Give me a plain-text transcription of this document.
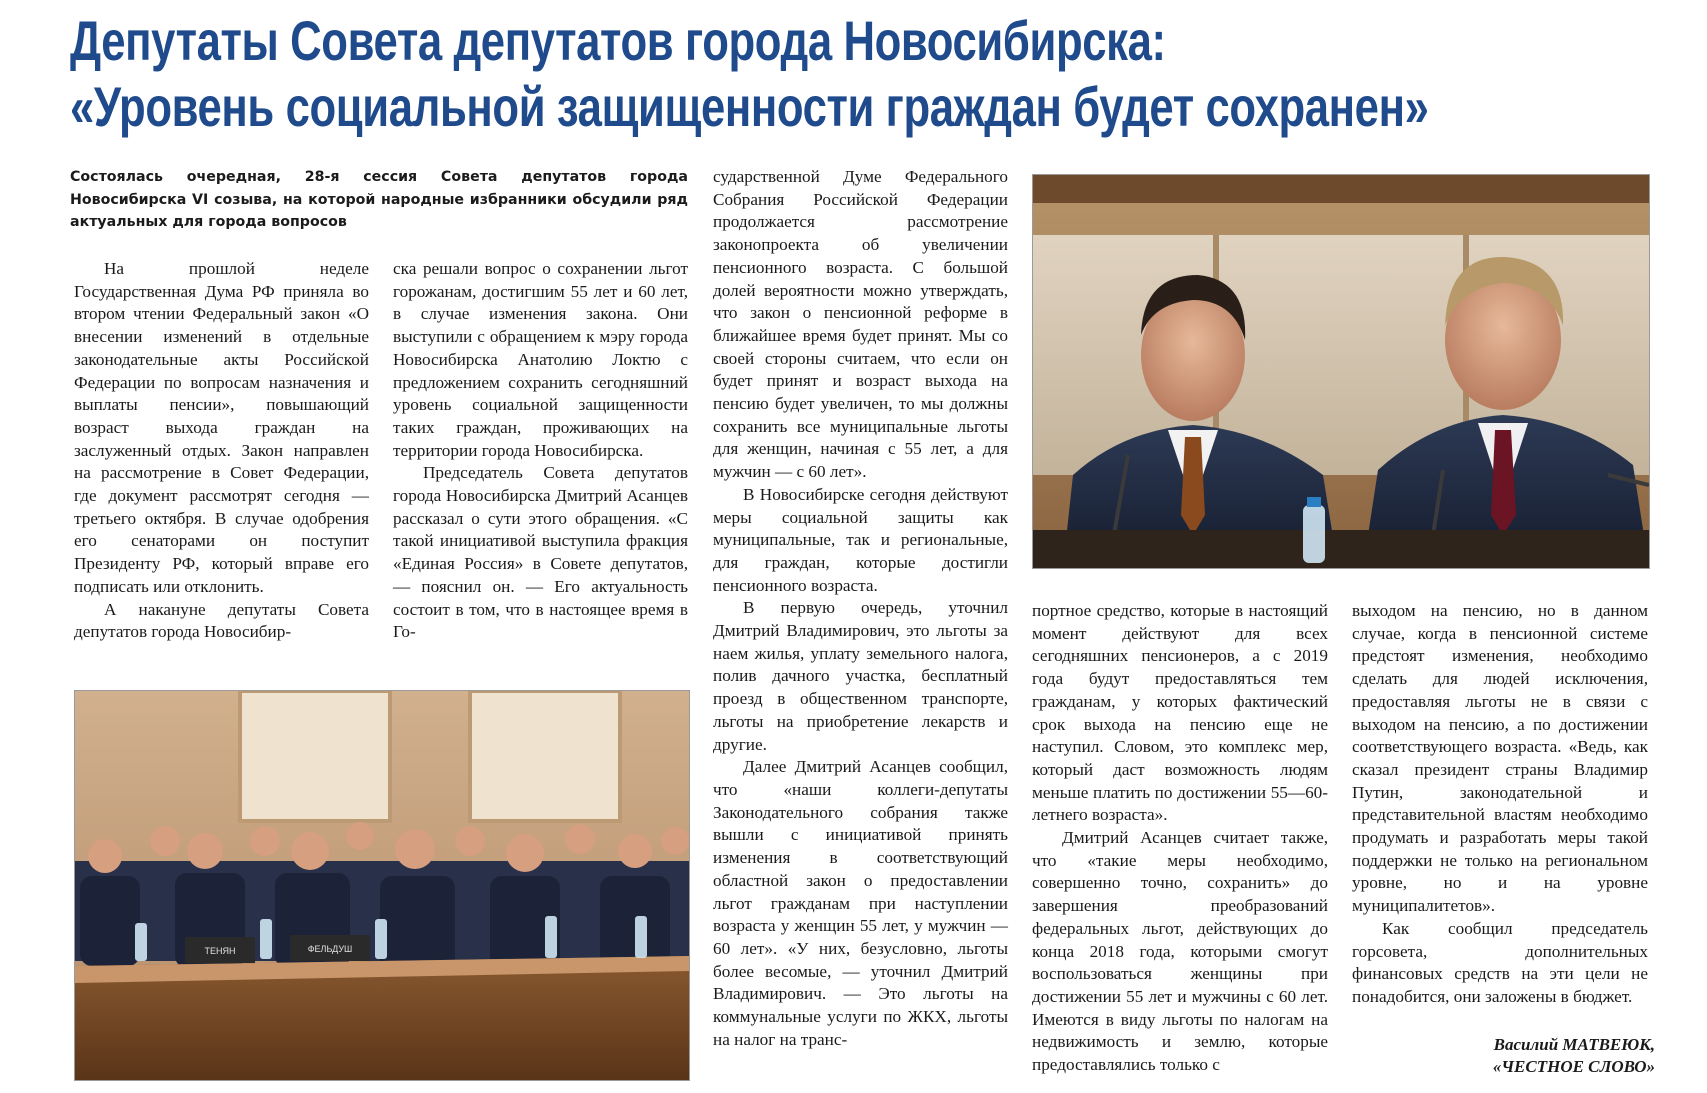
Депутаты Совета депутатов города Новосибирска:
«Уровень социальной защищенности граждан будет сохранен»
Состоялась очередная, 28-я сессия Совета депутатов города Новосибирска VI созыва, на которой народные избранники обсудили ряд актуальных для города вопросов

На прошлой неделе Государственная Дума РФ приняла во втором чтении Федеральный закон «О внесении изменений в отдельные законодательные акты Российской Федерации по вопросам назначения и выплаты пенсии», повышающий возраст выхода граждан на заслуженный отдых. Закон направлен на рассмотрение в Совет Федерации, где документ рассмотрят сегодня — третьего октября. В случае одобрения его сенаторами он поступит Президенту РФ, который вправе его подписать или отклонить.

А накануне депутаты Совета депутатов города Новосибир-

ска решали вопрос о сохранении льгот горожанам, достигшим 55 лет и 60 лет, в случае изменения закона. Они выступили с обращением к мэру города Новосибирска Анатолию Локтю с предложением сохранить сегодняшний уровень социальной защищенности таких граждан, проживающих на территории города Новосибирска.

Председатель Совета депутатов города Новосибирска Дмитрий Асанцев рассказал о сути этого обращения. «С такой инициативой выступила фракция «Единая Россия» в Совете депутатов, — пояснил он. — Его актуальность состоит в том, что в настоящее время в Го-

сударственной Думе Федерального Собрания Российской Федерации продолжается рассмотрение законопроекта об увеличении пенсионного возраста. С большой долей вероятности можно утверждать, что закон о пенсионной реформе в ближайшее время будет принят. Мы со своей стороны считаем, что если он будет принят и возраст выхода на пенсию будет увеличен, то мы должны сохранить все муниципальные льготы для женщин, начиная с 55 лет, а для мужчин — с 60 лет».

В Новосибирске сегодня действуют меры социальной защиты как муниципальные, так и региональные, для граждан, которые достигли пенсионного возраста.

В первую очередь, уточнил Дмитрий Владимирович, это льготы за наем жилья, уплату земельного налога, полив дачного участка, бесплатный проезд в общественном транспорте, льготы на приобретение лекарств и другие.

Далее Дмитрий Асанцев сообщил, что «наши коллеги-депутаты Законодательного собрания также вышли с инициативой принять изменения в соответствующий областной закон о предоставлении льгот гражданам при наступлении возраста у женщин 55 лет, у мужчин — 60 лет». «У них, безусловно, льготы более весомые, — уточнил Дмитрий Владимирович. — Это льготы на коммунальные услуги по ЖКХ, льготы на налог на транс-

портное средство, которые в настоящий момент действуют для всех сегодняшних пенсионеров, а с 2019 года будут предоставляться тем гражданам, у которых фактический срок выхода на пенсию еще не наступил. Словом, это комплекс мер, который даст возможность людям меньше платить по достижении 55—60-летнего возраста».

Дмитрий Асанцев считает также, что «такие меры необходимо, совершенно точно, сохранить» до завершения преобразований федеральных льгот, действующих до конца 2018 года, которыми смогут воспользоваться женщины при достижении 55 лет и мужчины с 60 лет. Имеются в виду льготы по налогам на недвижимость и землю, которые предоставлялись только с

выходом на пенсию, но в данном случае, когда в пенсионной системе предстоят изменения, необходимо сделать для людей исключения, предоставляя льготы не в связи с выходом на пенсию, а по достижении соответствующего возраста. «Ведь, как сказал президент страны Владимир Путин, законодательной и представительной властям необходимо продумать и разработать меры такой поддержки не только на региональном уровне, но и на уровне муниципалитетов».

Как сообщил председатель горсовета, дополнительных финансовых средств на эти цели не понадобится, они заложены в бюджет.

Василий МАТВЕЮК,
«ЧЕСТНОЕ СЛОВО»
ТЕНЯН	ФЕЛЬДУШ
